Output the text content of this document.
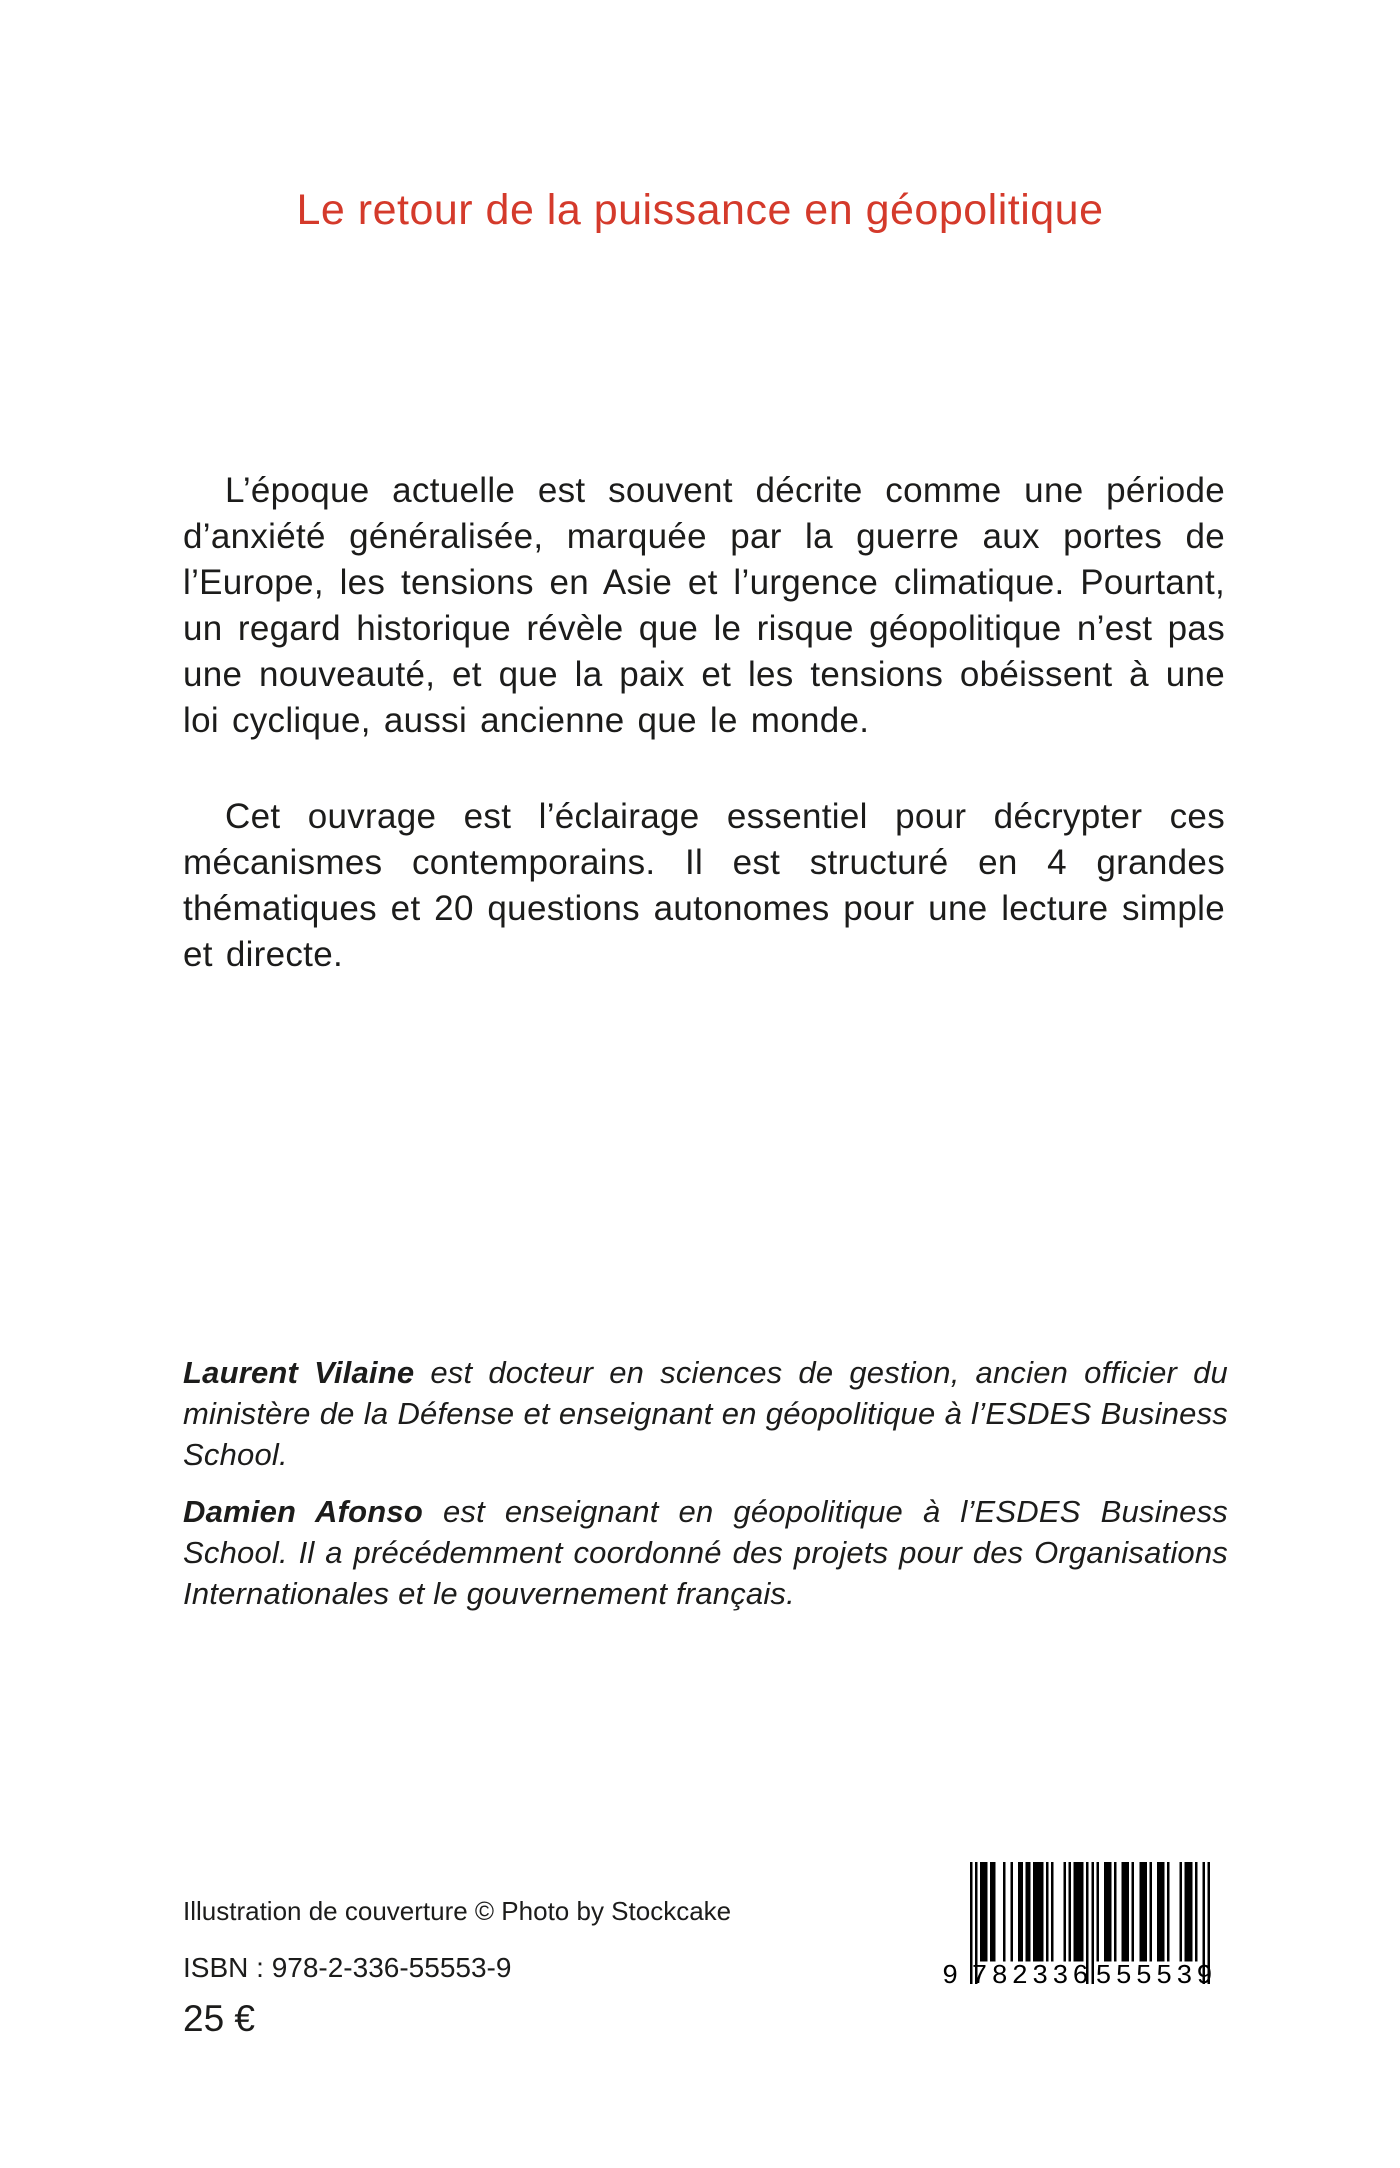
Le retour de la puissance en géopolitique

L’époque actuelle est souvent décrite comme une période d’anxiété généralisée, marquée par la guerre aux portes de l’Europe, les tensions en Asie et l’urgence climatique. Pourtant, un regard historique révèle que le risque géopolitique n’est pas une nouveauté, et que la paix et les tensions obéissent à une loi cyclique, aussi ancienne que le monde.

Cet ouvrage est l’éclairage essentiel pour décrypter ces mécanismes contemporains. Il est structuré en 4 grandes thématiques et 20 questions autonomes pour une lecture simple et directe.

Laurent Vilaine est docteur en sciences de gestion, ancien officier du ministère de la Défense et enseignant en géopolitique à l’ESDES Business School.

Damien Afonso est enseignant en géopolitique à l’ESDES Business School. Il a précédemment coordonné des projets pour des Organisations Internationales et le gouvernement français.

Illustration de couverture © Photo by Stockcake
ISBN : 978-2-336-55553-9
25 €
9 782336 555539
